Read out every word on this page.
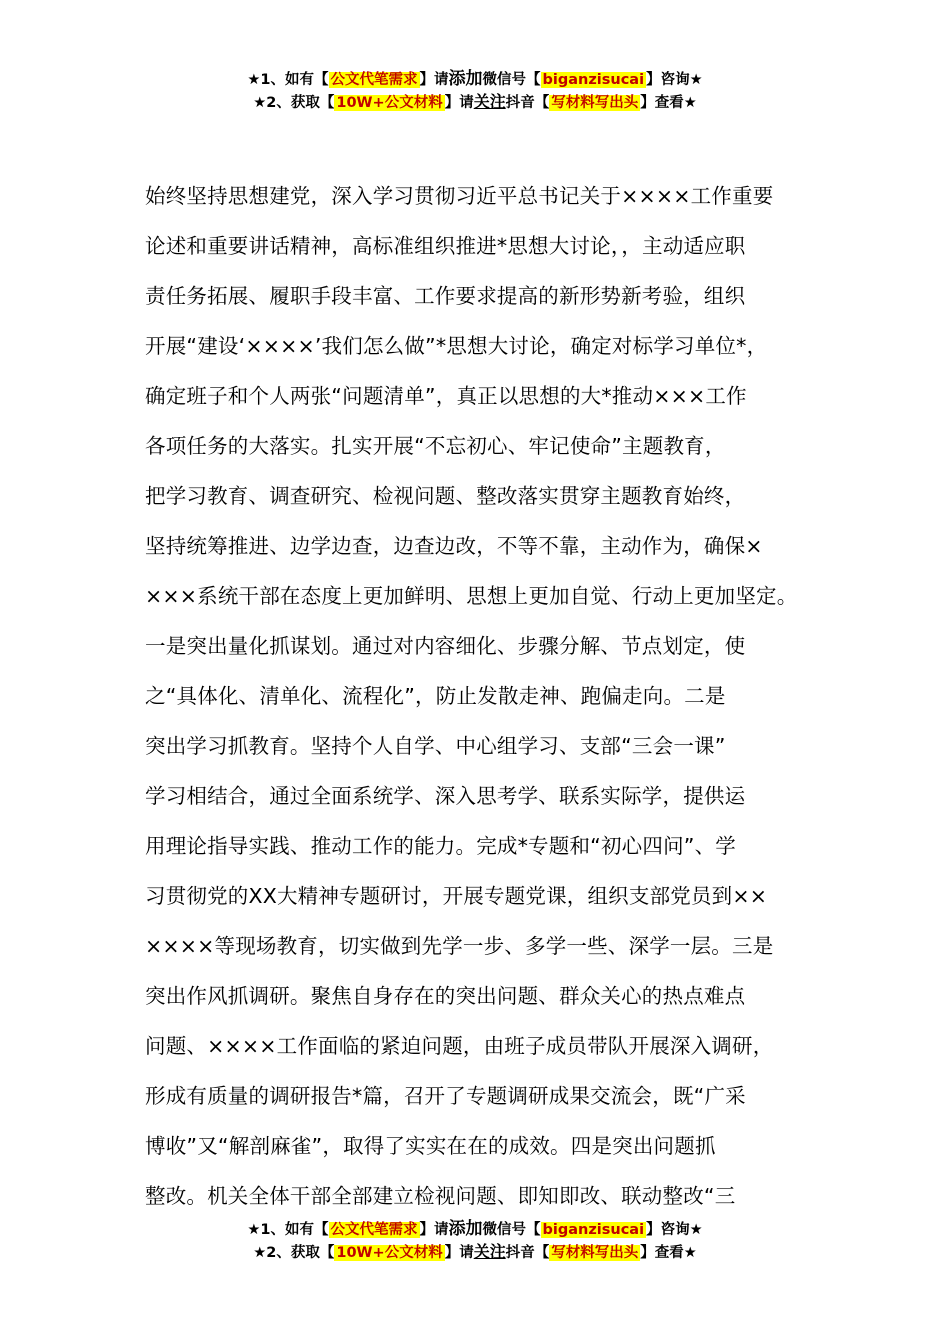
★1、如有【 公文代笔需求 】请添加微信号【 biganzisucai 】咨询★
★2、获取【 10W+公文材料 】请关注抖音【 写材料写出头 】查看★
始终坚持思想建党，深入学习贯彻习近平总书记关于××××工作重要
论述和重要讲话精神，高标准组织推进*思想大讨论，，主动适应职
责任务拓展、履职手段丰富、工作要求提高的新形势新考验，组织
开展“建设‘××××’我们怎么做”*思想大讨论，确定对标学习单位*，
确定班子和个人两张“问题清单”，真正以思想的大*推动×××工作
各项任务的大落实。扎实开展“不忘初心、牢记使命”主题教育，
把学习教育、调查研究、检视问题、整改落实贯穿主题教育始终，
坚持统筹推进、边学边查，边查边改，不等不靠，主动作为，确保×
×××系统干部在态度上更加鲜明、思想上更加自觉、行动上更加坚定。
一是突出量化抓谋划。通过对内容细化、步骤分解、节点划定，使
之“具体化、清单化、流程化”，防止发散走神、跑偏走向。二是
突出学习抓教育。坚持个人自学、中心组学习、支部“三会一课”
学习相结合，通过全面系统学、深入思考学、联系实际学，提供运
用理论指导实践、推动工作的能力。完成*专题和“初心四问”、学
习贯彻党的XX大精神专题研讨，开展专题党课，组织支部党员到××
××××等现场教育，切实做到先学一步、多学一些、深学一层。三是
突出作风抓调研。聚焦自身存在的突出问题、群众关心的热点难点
问题、××××工作面临的紧迫问题，由班子成员带队开展深入调研，
形成有质量的调研报告*篇，召开了专题调研成果交流会，既“广采
博收”又“解剖麻雀”，取得了实实在在的成效。四是突出问题抓
整改。机关全体干部全部建立检视问题、即知即改、联动整改“三
★1、如有【 公文代笔需求 】请添加微信号【 biganzisucai 】咨询★
★2、获取【 10W+公文材料 】请关注抖音【 写材料写出头 】查看★
